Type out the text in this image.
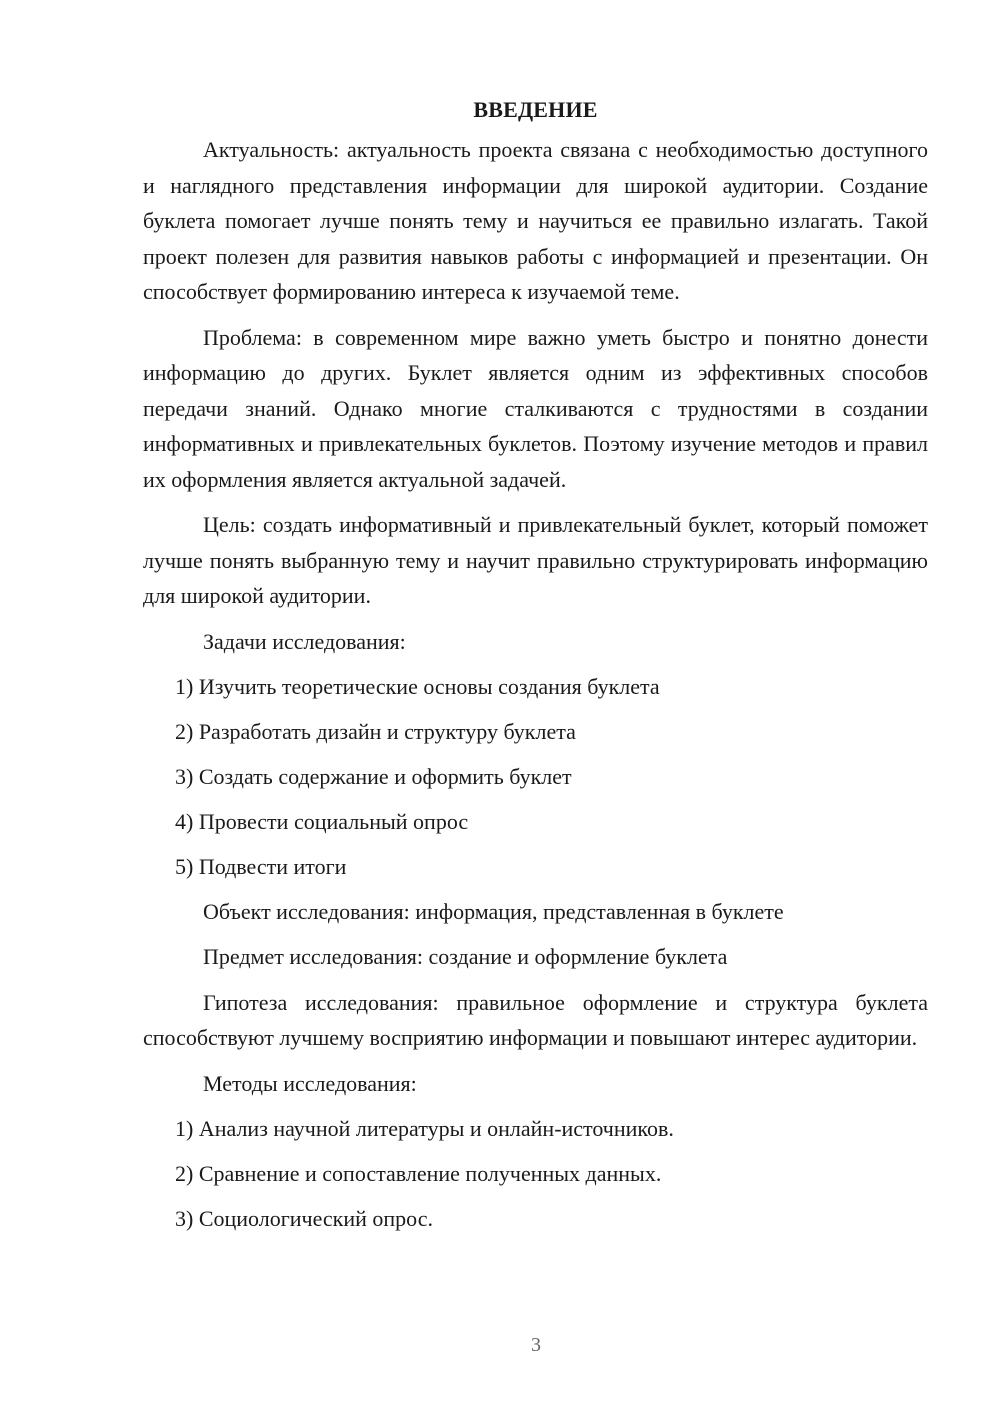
ВВЕДЕНИЕ

Актуальность: актуальность проекта связана с необходимостью доступного и наглядного представления информации для широкой аудитории. Создание буклета помогает лучше понять тему и научиться ее правильно излагать. Такой проект полезен для развития навыков работы с информацией и презентации. Он способствует формированию интереса к изучаемой теме.

Проблема: в современном мире важно уметь быстро и понятно донести информацию до других. Буклет является одним из эффективных способов передачи знаний. Однако многие сталкиваются с трудностями в создании информативных и привлекательных буклетов. Поэтому изучение методов и правил их оформления является актуальной задачей.

Цель: создать информативный и привлекательный буклет, который поможет лучше понять выбранную тему и научит правильно структурировать информацию для широкой аудитории.

Задачи исследования:

1) Изучить теоретические основы создания буклета

2) Разработать дизайн и структуру буклета

3) Создать содержание и оформить буклет

4) Провести социальный опрос

5) Подвести итоги

Объект исследования: информация, представленная в буклете

Предмет исследования: создание и оформление буклета

Гипотеза исследования: правильное оформление и структура буклета способствуют лучшему восприятию информации и повышают интерес аудитории.

Методы исследования:

1) Анализ научной литературы и онлайн-источников.

2) Сравнение и сопоставление полученных данных.

3) Социологический опрос.

3
